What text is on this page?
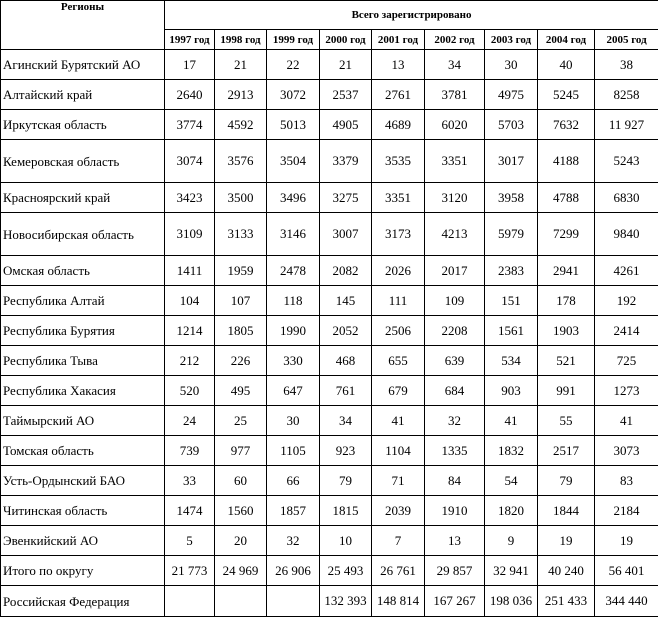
Регионы	Всего зарегистрировано								
	1997 год	1998 год	1999 год	2000 год	2001 год	2002 год	2003 год	2004 год	2005 год
Агинский Бурятский АО	17	21	22	21	13	34	30	40	38
Алтайский край	2640	2913	3072	2537	2761	3781	4975	5245	8258
Иркутская область	3774	4592	5013	4905	4689	6020	5703	7632	11 927
Кемеровская область	3074	3576	3504	3379	3535	3351	3017	4188	5243
Красноярский край	3423	3500	3496	3275	3351	3120	3958	4788	6830
Новосибирская область	3109	3133	3146	3007	3173	4213	5979	7299	9840
Омская область	1411	1959	2478	2082	2026	2017	2383	2941	4261
Республика Алтай	104	107	118	145	111	109	151	178	192
Республика Бурятия	1214	1805	1990	2052	2506	2208	1561	1903	2414
Республика Тыва	212	226	330	468	655	639	534	521	725
Республика Хакасия	520	495	647	761	679	684	903	991	1273
Таймырский АО	24	25	30	34	41	32	41	55	41
Томская область	739	977	1105	923	1104	1335	1832	2517	3073
Усть-Ордынский БАО	33	60	66	79	71	84	54	79	83
Читинская область	1474	1560	1857	1815	2039	1910	1820	1844	2184
Эвенкийский АО	5	20	32	10	7	13	9	19	19
Итого по округу	21 773	24 969	26 906	25 493	26 761	29 857	32 941	40 240	56 401
Российская Федерация				132 393	148 814	167 267	198 036	251 433	344 440
